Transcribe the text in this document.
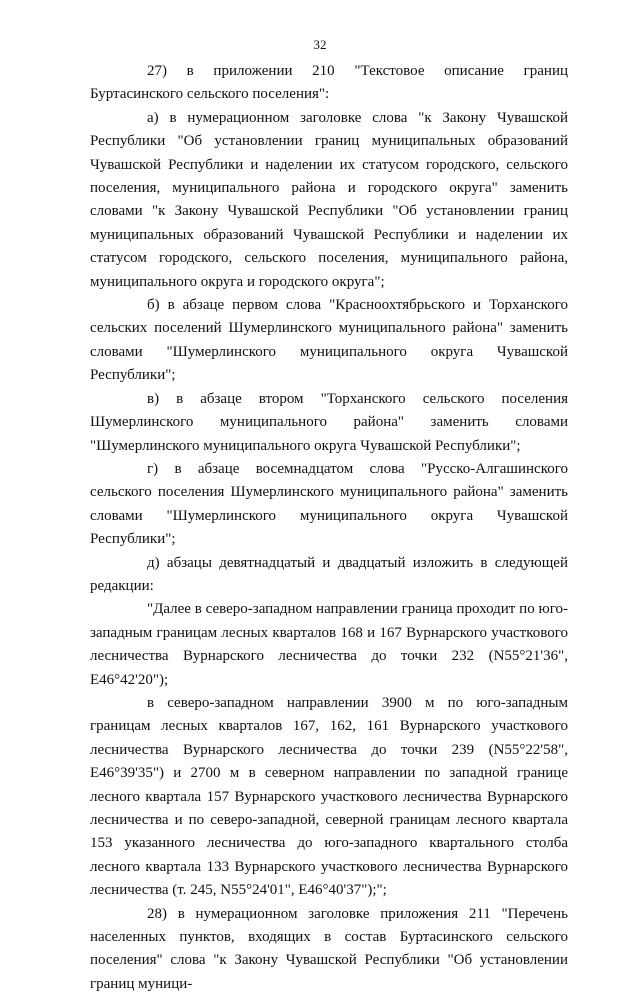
32

27) в приложении 210 "Текстовое описание границ Буртасинского сельского поселения":

а) в нумерационном заголовке слова "к Закону Чувашской Республики "Об установлении границ муниципальных образований Чувашской Республики и наделении их статусом городского, сельского поселения, муниципального района и городского округа" заменить словами "к Закону Чувашской Республики "Об установлении границ муниципальных образований Чувашской Республики и наделении их статусом городского, сельского поселения, муниципального района, муниципального округа и городского округа";

б) в абзаце первом слова "Красноохтябрьского и Торханского сельских поселений Шумерлинского муниципального района" заменить словами "Шумерлинского муниципального округа Чувашской Республики";

в) в абзаце втором "Торханского сельского поселения Шумерлинского муниципального района" заменить словами "Шумерлинского муниципального округа Чувашской Республики";

г) в абзаце восемнадцатом слова "Русско-Алгашинского сельского поселения Шумерлинского муниципального района" заменить словами "Шумерлинского муниципального округа Чувашской Республики";

д) абзацы девятнадцатый и двадцатый изложить в следующей редакции:

"Далее в северо-западном направлении граница проходит по юго-западным границам лесных кварталов 168 и 167 Вурнарского участкового лесничества Вурнарского лесничества до точки 232 (N55°21'36", E46°42'20");

в северо-западном направлении 3900 м по юго-западным границам лесных кварталов 167, 162, 161 Вурнарского участкового лесничества Вурнарского лесничества до точки 239 (N55°22'58", E46°39'35") и 2700 м в северном направлении по западной границе лесного квартала 157 Вурнарского участкового лесничества Вурнарского лесничества и по северо-западной, северной границам лесного квартала 153 указанного лесничества до юго-западного квартального столба лесного квартала 133 Вурнарского участкового лесничества Вурнарского лесничества (т. 245, N55°24'01", E46°40'37");";

28) в нумерационном заголовке приложения 211 "Перечень населенных пунктов, входящих в состав Буртасинского сельского поселения" слова "к Закону Чувашской Республики "Об установлении границ муници-
